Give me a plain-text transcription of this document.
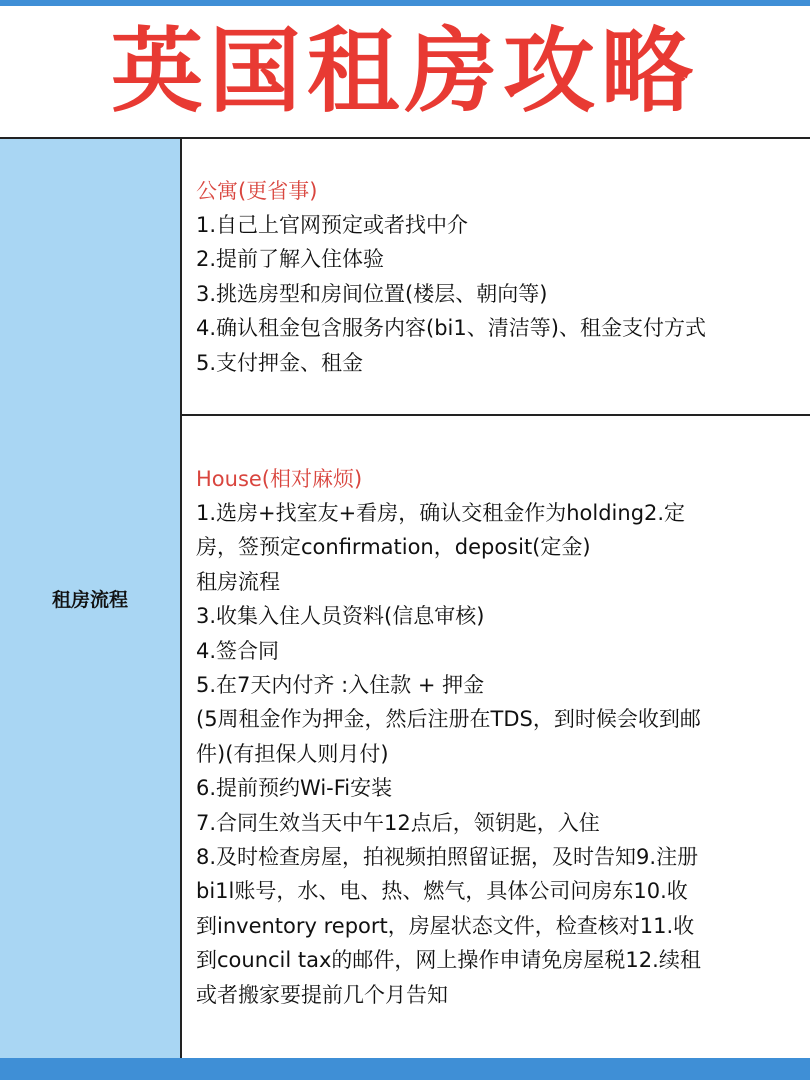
英国租房攻略
租房流程

公寓(更省事)

1.自己上官网预定或者找中介

2.提前了解入住体验

3.挑选房型和房间位置(楼层、朝向等)

4.确认租金包含服务内容(bi1、清洁等)、租金支付方式

5.支付押金、租金

House(相对麻烦)

1.选房+找室友+看房，确认交租金作为holding2.定

房，签预定confirmation，deposit(定金)

租房流程

3.收集入住人员资料(信息审核)

4.签合同

5.在7天内付齐 :入住款 + 押金

(5周租金作为押金，然后注册在TDS，到时候会收到邮

件)(有担保人则月付)

6.提前预约Wi-Fi安装

7.合同生效当天中午12点后，领钥匙，入住

8.及时检查房屋，拍视频拍照留证据，及时告知9.注册

bi1l账号，水、电、热、燃气，具体公司问房东10.收

到inventory report，房屋状态文件，检查核对11.收

到council tax的邮件，网上操作申请免房屋税12.续租

或者搬家要提前几个月告知
